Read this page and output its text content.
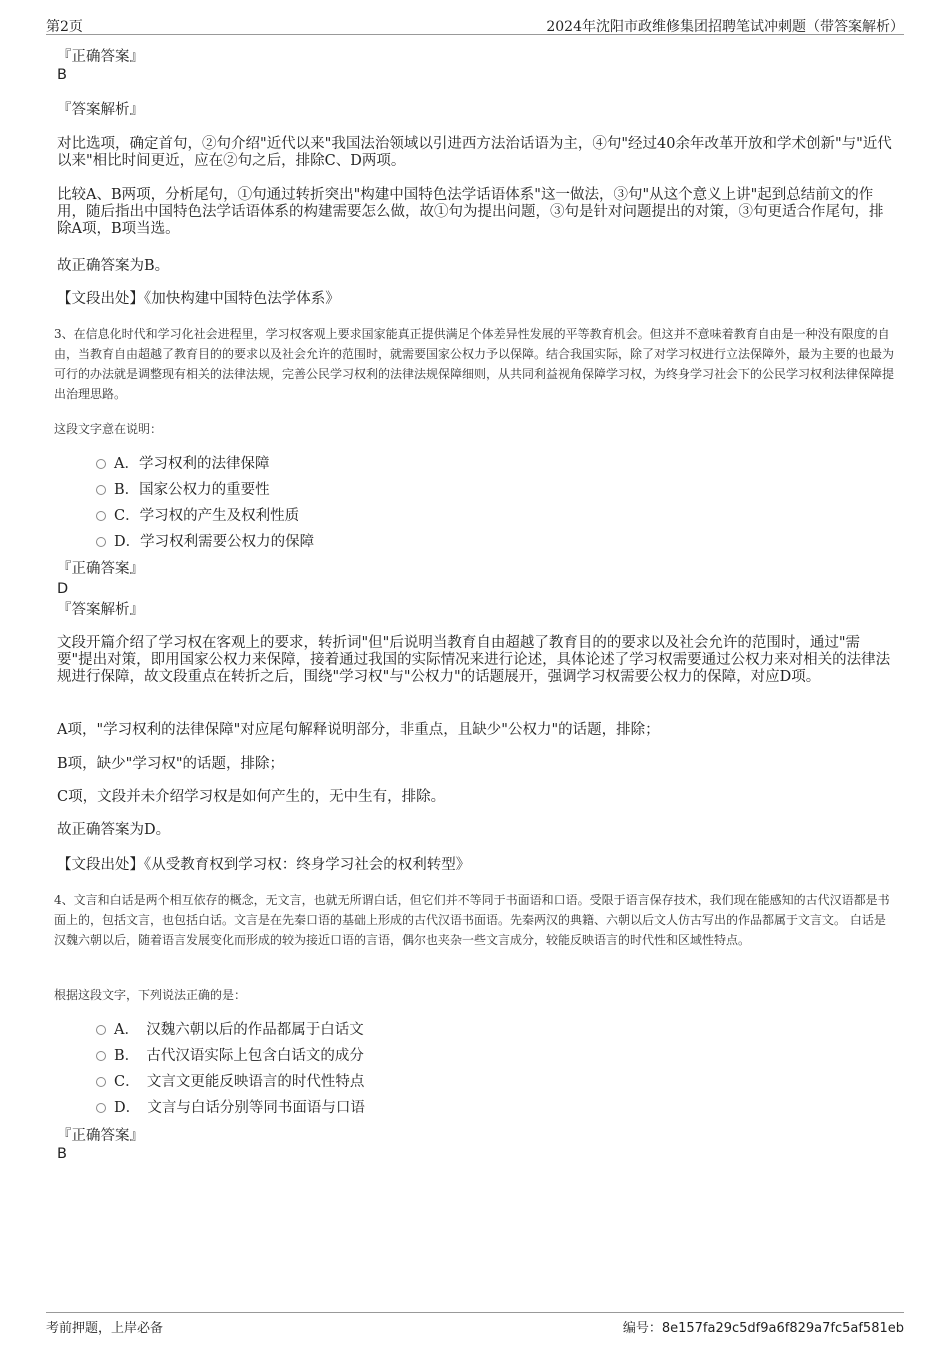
第2页	2024年沈阳市政维修集团招聘笔试冲刺题（带答案解析）
『正确答案』
B
『答案解析』
对比选项，确定首句，②句介绍"近代以来"我国法治领域以引进西方法治话语为主，④句"经过40余年改革开放和学术创新"与"近代以来"相比时间更近，应在②句之后，排除C、D两项。
比较A、B两项，分析尾句，①句通过转折突出"构建中国特色法学话语体系"这一做法，③句"从这个意义上讲"起到总结前文的作用，随后指出中国特色法学话语体系的构建需要怎么做，故①句为提出问题，③句是针对问题提出的对策，③句更适合作尾句，排除A项，B项当选。
故正确答案为B。
【文段出处】《加快构建中国特色法学体系》
3、在信息化时代和学习化社会进程里，学习权客观上要求国家能真正提供满足个体差异性发展的平等教育机会。但这并不意味着教育自由是一种没有限度的自由，当教育自由超越了教育目的的要求以及社会允许的范围时，就需要国家公权力予以保障。结合我国实际，除了对学习权进行立法保障外，最为主要的也最为可行的办法就是调整现有相关的法律法规，完善公民学习权利的法律法规保障细则，从共同利益视角保障学习权，为终身学习社会下的公民学习权利法律保障提出治理思路。
这段文字意在说明：
A．学习权利的法律保障
B．国家公权力的重要性
C．学习权的产生及权利性质
D．学习权利需要公权力的保障
『正确答案』
D
『答案解析』
文段开篇介绍了学习权在客观上的要求，转折词"但"后说明当教育自由超越了教育目的的要求以及社会允许的范围时，通过"需要"提出对策，即用国家公权力来保障，接着通过我国的实际情况来进行论述，具体论述了学习权需要通过公权力来对相关的法律法规进行保障，故文段重点在转折之后，围绕"学习权"与"公权力"的话题展开，强调学习权需要公权力的保障，对应D项。
A项，"学习权利的法律保障"对应尾句解释说明部分，非重点，且缺少"公权力"的话题，排除；
B项，缺少"学习权"的话题，排除；
C项，文段并未介绍学习权是如何产生的，无中生有，排除。
故正确答案为D。
【文段出处】《从受教育权到学习权：终身学习社会的权利转型》
4、文言和白话是两个相互依存的概念，无文言，也就无所谓白话，但它们并不等同于书面语和口语。受限于语言保存技术，我们现在能感知的古代汉语都是书面上的，包括文言，也包括白话。文言是在先秦口语的基础上形成的古代汉语书面语。先秦两汉的典籍、六朝以后文人仿古写出的作品都属于文言文。 白话是汉魏六朝以后，随着语言发展变化而形成的较为接近口语的言语，偶尔也夹杂一些文言成分，较能反映语言的时代性和区域性特点。
根据这段文字，下列说法正确的是：
A．　汉魏六朝以后的作品都属于白话文
B．　古代汉语实际上包含白话文的成分
C．　文言文更能反映语言的时代性特点
D．　文言与白话分别等同书面语与口语
『正确答案』
B
考前押题，上岸必备	编号：8e157fa29c5df9a6f829a7fc5af581eb
